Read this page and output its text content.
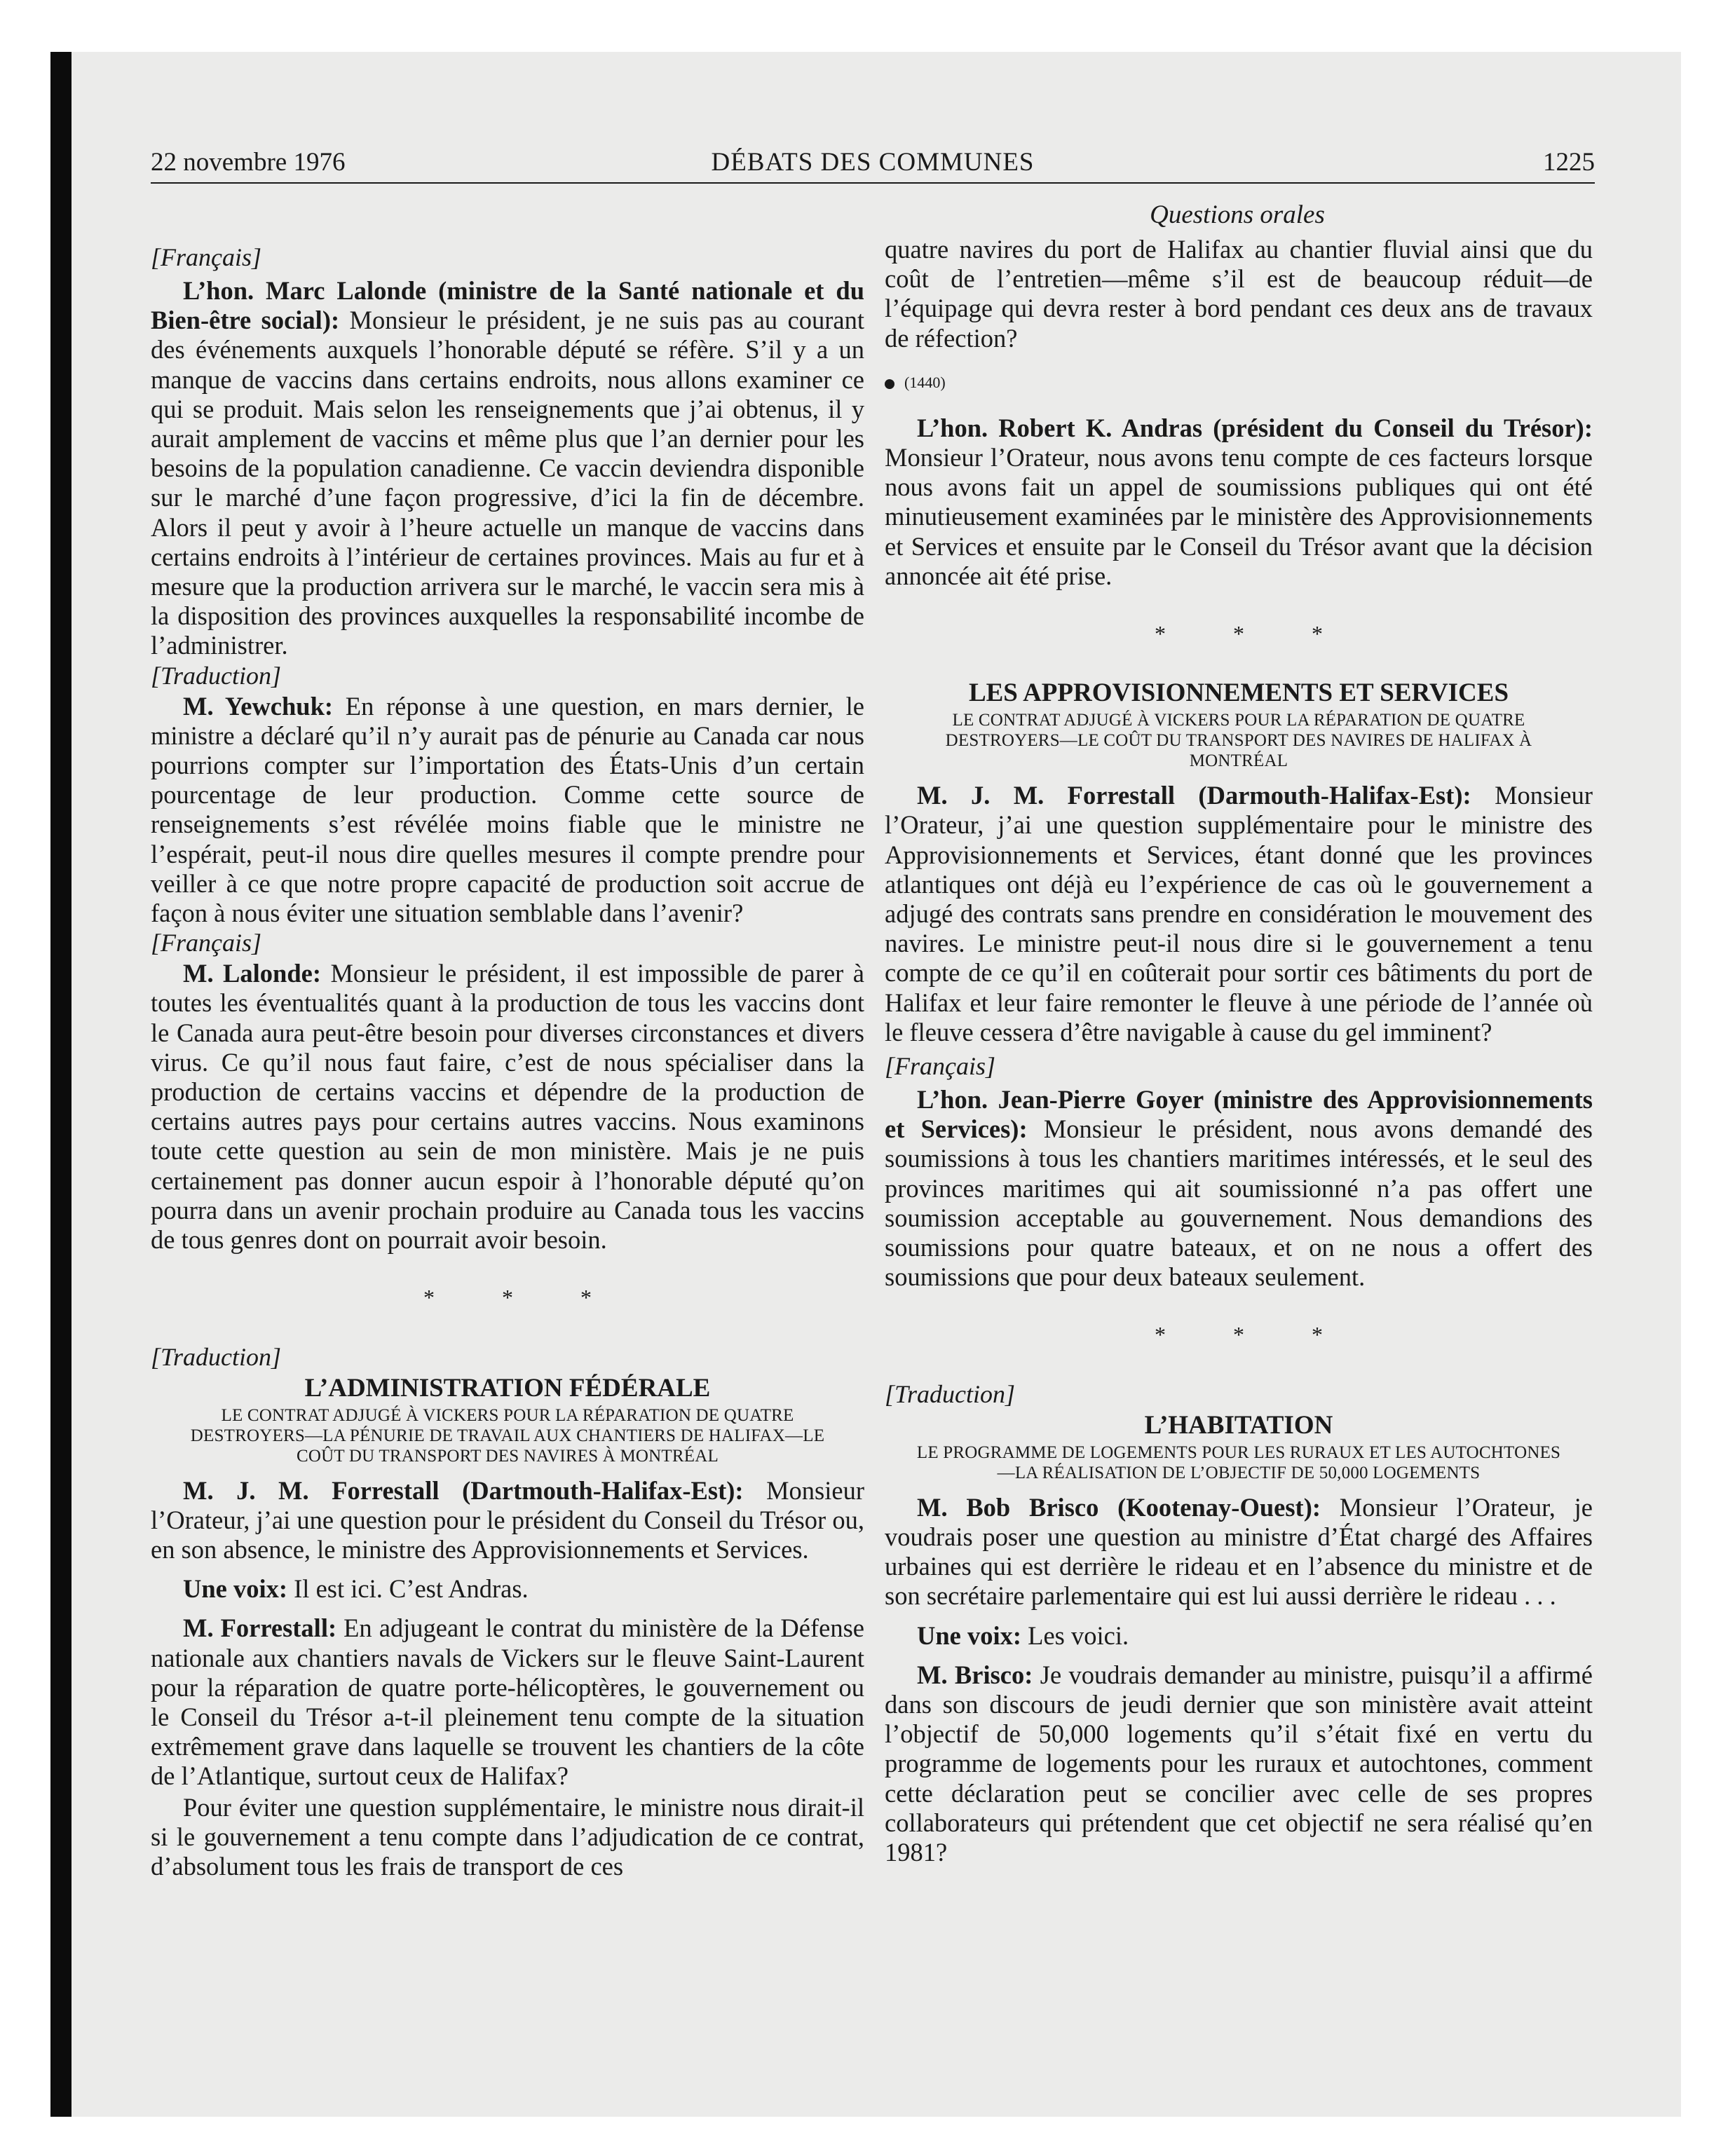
22 novembre 1976	DÉBATS DES COMMUNES	1225
Questions orales
[Français]

L’hon. Marc Lalonde (ministre de la Santé nationale et du Bien-être social): Monsieur le président, je ne suis pas au courant des événements auxquels l’honorable député se réfère. S’il y a un manque de vaccins dans certains endroits, nous allons examiner ce qui se produit. Mais selon les renseignements que j’ai obtenus, il y aurait amplement de vaccins et même plus que l’an dernier pour les besoins de la population canadienne. Ce vaccin deviendra disponible sur le marché d’une façon progressive, d’ici la fin de décembre. Alors il peut y avoir à l’heure actuelle un manque de vaccins dans certains endroits à l’intérieur de certaines provinces. Mais au fur et à mesure que la production arrivera sur le marché, le vaccin sera mis à la disposition des provinces auxquelles la responsabilité incombe de l’administrer.

[Traduction]

M. Yewchuk: En réponse à une question, en mars dernier, le ministre a déclaré qu’il n’y aurait pas de pénurie au Canada car nous pourrions compter sur l’importation des États-Unis d’un certain pourcentage de leur production. Comme cette source de renseignements s’est révélée moins fiable que le ministre ne l’espérait, peut-il nous dire quelles mesures il compte prendre pour veiller à ce que notre propre capacité de production soit accrue de façon à nous éviter une situation semblable dans l’avenir?

[Français]

M. Lalonde: Monsieur le président, il est impossible de parer à toutes les éventualités quant à la production de tous les vaccins dont le Canada aura peut-être besoin pour diverses circonstances et divers virus. Ce qu’il nous faut faire, c’est de nous spécialiser dans la production de certains vaccins et dépendre de la production de certains autres pays pour certains autres vaccins. Nous examinons toute cette question au sein de mon ministère. Mais je ne puis certainement pas donner aucun espoir à l’honorable député qu’on pourra dans un avenir prochain produire au Canada tous les vaccins de tous genres dont on pourrait avoir besoin.

* * *
[Traduction]
L’ADMINISTRATION FÉDÉRALE
LE CONTRAT ADJUGÉ À VICKERS POUR LA RÉPARATION DE QUATRE DESTROYERS—LA PÉNURIE DE TRAVAIL AUX CHANTIERS DE HALIFAX—LE COÛT DU TRANSPORT DES NAVIRES À MONTRÉAL

M. J. M. Forrestall (Dartmouth-Halifax-Est): Monsieur l’Orateur, j’ai une question pour le président du Conseil du Trésor ou, en son absence, le ministre des Approvisionnements et Services.

Une voix: Il est ici. C’est Andras.

M. Forrestall: En adjugeant le contrat du ministère de la Défense nationale aux chantiers navals de Vickers sur le fleuve Saint-Laurent pour la réparation de quatre porte-hélicoptères, le gouvernement ou le Conseil du Trésor a-t-il pleinement tenu compte de la situation extrêmement grave dans laquelle se trouvent les chantiers de la côte de l’Atlantique, surtout ceux de Halifax?

Pour éviter une question supplémentaire, le ministre nous dirait-il si le gouvernement a tenu compte dans l’adjudication de ce contrat, d’absolument tous les frais de transport de ces

quatre navires du port de Halifax au chantier fluvial ainsi que du coût de l’entretien—même s’il est de beaucoup réduit—de l’équipage qui devra rester à bord pendant ces deux ans de travaux de réfection?

(1440)

L’hon. Robert K. Andras (président du Conseil du Trésor): Monsieur l’Orateur, nous avons tenu compte de ces facteurs lorsque nous avons fait un appel de soumissions publiques qui ont été minutieusement examinées par le ministère des Approvisionnements et Services et ensuite par le Conseil du Trésor avant que la décision annoncée ait été prise.

* * *
LES APPROVISIONNEMENTS ET SERVICES
LE CONTRAT ADJUGÉ À VICKERS POUR LA RÉPARATION DE QUATRE DESTROYERS—LE COÛT DU TRANSPORT DES NAVIRES DE HALIFAX À MONTRÉAL

M. J. M. Forrestall (Darmouth-Halifax-Est): Monsieur l’Orateur, j’ai une question supplémentaire pour le ministre des Approvisionnements et Services, étant donné que les provinces atlantiques ont déjà eu l’expérience de cas où le gouvernement a adjugé des contrats sans prendre en considération le mouvement des navires. Le ministre peut-il nous dire si le gouvernement a tenu compte de ce qu’il en coûterait pour sortir ces bâtiments du port de Halifax et leur faire remonter le fleuve à une période de l’année où le fleuve cessera d’être navigable à cause du gel imminent?

[Français]

L’hon. Jean-Pierre Goyer (ministre des Approvisionnements et Services): Monsieur le président, nous avons demandé des soumissions à tous les chantiers maritimes intéressés, et le seul des provinces maritimes qui ait soumissionné n’a pas offert une soumission acceptable au gouvernement. Nous demandions des soumissions pour quatre bateaux, et on ne nous a offert des soumissions que pour deux bateaux seulement.

* * *
[Traduction]
L’HABITATION
LE PROGRAMME DE LOGEMENTS POUR LES RURAUX ET LES AUTOCHTONES—LA RÉALISATION DE L’OBJECTIF DE 50,000 LOGEMENTS

M. Bob Brisco (Kootenay-Ouest): Monsieur l’Orateur, je voudrais poser une question au ministre d’État chargé des Affaires urbaines qui est derrière le rideau et en l’absence du ministre et de son secrétaire parlementaire qui est lui aussi derrière le rideau . . .

Une voix: Les voici.

M. Brisco: Je voudrais demander au ministre, puisqu’il a affirmé dans son discours de jeudi dernier que son ministère avait atteint l’objectif de 50,000 logements qu’il s’était fixé en vertu du programme de logements pour les ruraux et autochtones, comment cette déclaration peut se concilier avec celle de ses propres collaborateurs qui prétendent que cet objectif ne sera réalisé qu’en 1981?
